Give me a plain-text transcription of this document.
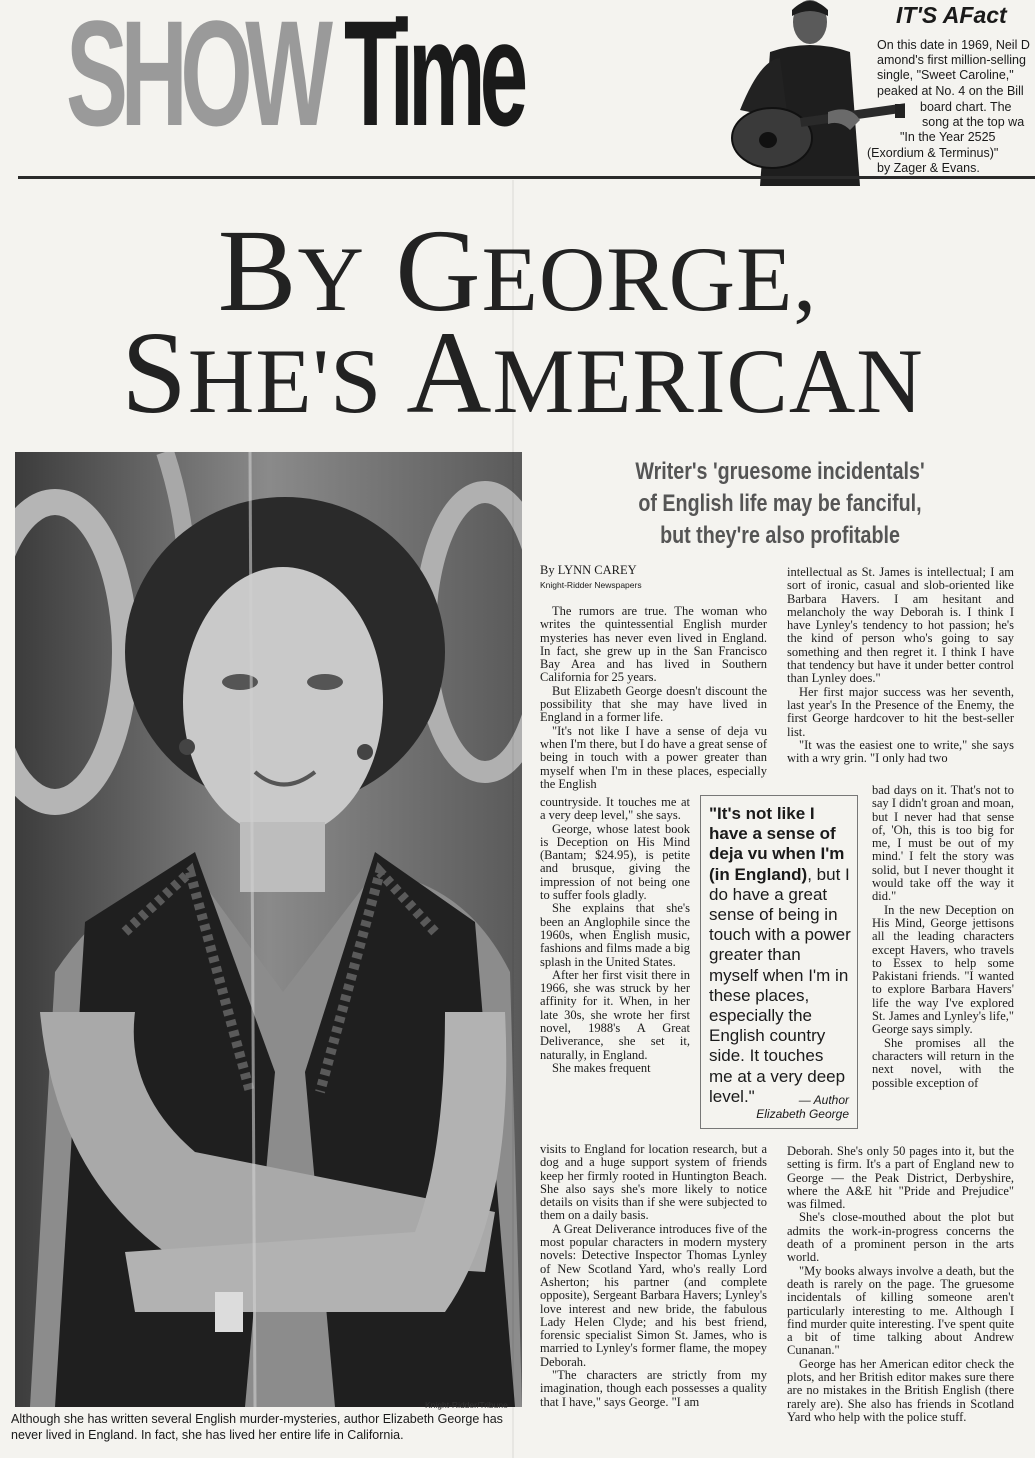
SHOW Time	IT'S AFact
On this date in 1969, Neil D
amond's first million-selling
single, "Sweet Caroline,"
peaked at No. 4 on the Bill
board chart. The
song at the top wa
"In the Year 2525
(Exordium & Terminus)"
by Zager & Evans.
BY GEORGE,
SHE'S AMERICAN
Knight-Ridder/Tribune
Although she has written several English murder-mysteries, author Elizabeth George has never lived in England. In fact, she has lived her entire life in California.
Writer's 'gruesome incidentals'
of English life may be fanciful,
but they're also profitable
By LYNN CAREY
Knight-Ridder Newspapers

The rumors are true. The woman who writes the quintessential English murder mysteries has never even lived in England. In fact, she grew up in the San Francisco Bay Area and has lived in Southern California for 25 years.

But Elizabeth George doesn't discount the possibility that she may have lived in England in a former life.

"It's not like I have a sense of deja vu when I'm there, but I do have a great sense of being in touch with a power greater than myself when I'm in these places, especially the English

countryside. It touches me at a very deep level," she says.

George, whose latest book is Deception on His Mind (Bantam; $24.95), is petite and brusque, giving the impression of not being one to suffer fools gladly.

She explains that she's been an Anglophile since the 1960s, when English music, fashions and films made a big splash in the United States.

After her first visit there in 1966, she was struck by her affinity for it. When, in her late 30s, she wrote her first novel, 1988's A Great Deliverance, she set it, naturally, in England.

She makes frequent

visits to England for location research, but a dog and a huge support system of friends keep her firmly rooted in Huntington Beach. She also says she's more likely to notice details on visits than if she were subjected to them on a daily basis.

A Great Deliverance introduces five of the most popular characters in modern mystery novels: Detective Inspector Thomas Lynley of New Scotland Yard, who's really Lord Asherton; his partner (and complete opposite), Sergeant Barbara Havers; Lynley's love interest and new bride, the fabulous Lady Helen Clyde; and his best friend, forensic specialist Simon St. James, who is married to Lynley's former flame, the mopey Deborah.

"The characters are strictly from my imagination, though each possesses a quality that I have," says George. "I am

"It's not like I have a sense of deja vu when I'm (in England), but I do have a great sense of being in touch with a power greater than myself when I'm in these places, especially the English country side. It touches me at a very deep level."	— Author
Elizabeth George

intellectual as St. James is intellectual; I am sort of ironic, casual and slob-oriented like Barbara Havers. I am hesitant and melancholy the way Deborah is. I think I have Lynley's tendency to hot passion; he's the kind of person who's going to say something and then regret it. I think I have that tendency but have it under better control than Lynley does."

Her first major success was her seventh, last year's In the Presence of the Enemy, the first George hardcover to hit the best-seller list.

"It was the easiest one to write," she says with a wry grin. "I only had two

bad days on it. That's not to say I didn't groan and moan, but I never had that sense of, 'Oh, this is too big for me, I must be out of my mind.' I felt the story was solid, but I never thought it would take off the way it did."

In the new Deception on His Mind, George jettisons all the leading characters except Havers, who travels to Essex to help some Pakistani friends. "I wanted to explore Barbara Havers' life the way I've explored St. James and Lynley's life," George says simply.

She promises all the characters will return in the next novel, with the possible exception of

Deborah. She's only 50 pages into it, but the setting is firm. It's a part of England new to George — the Peak District, Derbyshire, where the A&E hit "Pride and Prejudice" was filmed.

She's close-mouthed about the plot but admits the work-in-progress concerns the death of a prominent person in the arts world.

"My books always involve a death, but the death is rarely on the page. The gruesome incidentals of killing someone aren't particularly interesting to me. Although I find murder quite interesting. I've spent quite a bit of time talking about Andrew Cunanan."

George has her American editor check the plots, and her British editor makes sure there are no mistakes in the British English (there rarely are). She also has friends in Scotland Yard who help with the police stuff.
